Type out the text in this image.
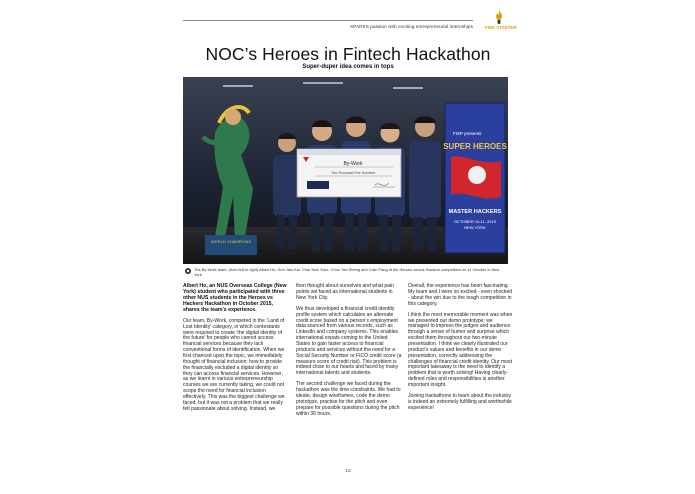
SPARKS passion with exciting entrepreneurial internships	FIRE STARTER
NOC’s Heroes in Fintech Hackathon
Super-duper idea comes in tops
WORLD CHAMPIONS
FISP presents
SUPER HEROES
MASTER HACKERS
OCTOBER 10-11, 2015
NEW YORK
By-Work
Two Thousand Five Hundred
The By-Work team, (from left to right) Albert Ho, Goh Jian Kai, Chia Teck Yuke, Choo Yan Sheng and Colin Pang at the Heroes versus Hackers competition on 11 October in New York.

Albert Ho, an NUS Overseas College (New York) student who participated with three other NUS students in the Heroes vs Hackers Hackathon in October 2015, shares the team’s experience.

Our team, By-Work, competed in the ‘Land of Lost Identity’ category, in which contestants were required to create ‘the digital identity of the future’ for people who cannot access financial services because they lack conventional forms of identification. When we first chanced upon the topic, we immediately thought of financial inclusion: how to provide the financially excluded a digital identity so they can access financial services. However, as we learnt in various entrepreneurship courses we are currently taking, we could not scope the need for financial inclusion effectively. This was the biggest challenge we faced, but it was not a problem that we really felt passionate about solving. Instead, we

then thought about ourselves and what pain points we faced as international students in New York City.

We thus developed a financial credit identity profile system which calculates an alternate credit score based on a person’s employment data sourced from various records, such as LinkedIn and company systems. This enables international expats coming to the United States to gain faster access to financial products and services without the need for a Social Security Number or FICO credit score (a measure score of credit risk). This problem is indeed close to our hearts and faced by many international talents and students.

The second challenge we faced during the hackathon was the time constraints. We had to ideate, design wireframes, code the demo prototype, practise for the pitch and even prepare for possible questions during the pitch within 36 hours.

Overall, the experience has been fascinating. My team and I were so excited - even shocked - about the win due to the tough competition in this category.

I think the most memorable moment was when we presented our demo prototype; we managed to impress the judges and audience through a sense of humor and surprise which excited them throughout our two-minute presentation. I think we clearly illustrated our product’s values and benefits in our demo presentation, correctly addressing the challenges of financial credit identity. Our most important takeaway is the need to identify a problem that is worth solving! Having clearly-defined roles and responsibilities is another important insight.

Joining hackathons to learn about the industry is indeed an extremely fulfilling and worthwhile experience!

13
